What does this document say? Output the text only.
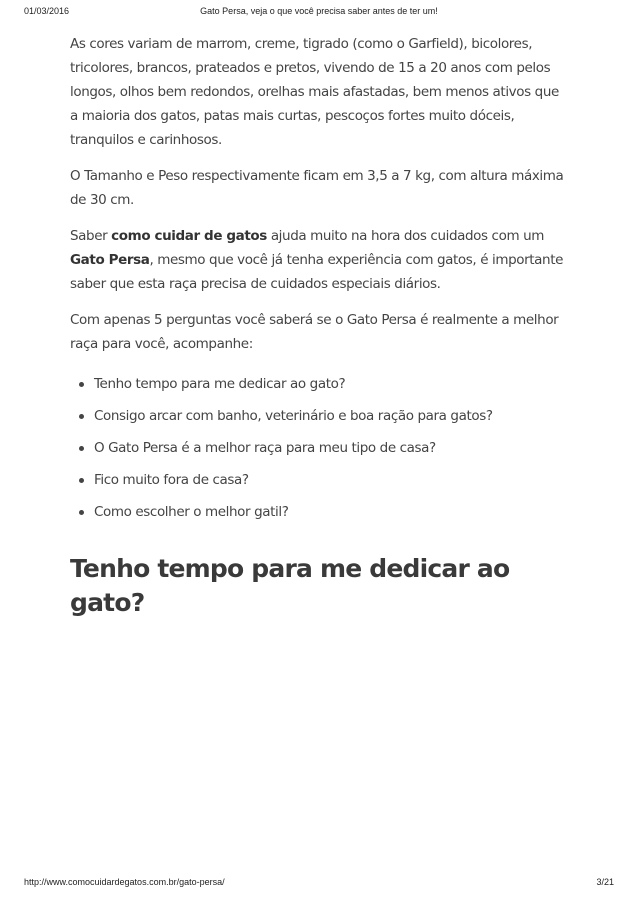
01/03/2016	Gato Persa, veja o que você precisa saber antes de ter um!

As cores variam de marrom, creme, tigrado (como o Garfield), bicolores, tricolores, brancos, prateados e pretos, vivendo de 15 a 20 anos com pelos longos, olhos bem redondos, orelhas mais afastadas, bem menos ativos que a maioria dos gatos, patas mais curtas, pescoços fortes muito dóceis, tranquilos e carinhosos.

O Tamanho e Peso respectivamente ficam em 3,5 a 7 kg, com altura máxima de 30 cm.

Saber como cuidar de gatos ajuda muito na hora dos cuidados com um Gato Persa, mesmo que você já tenha experiência com gatos, é importante saber que esta raça precisa de cuidados especiais diários.

Com apenas 5 perguntas você saberá se o Gato Persa é realmente a melhor raça para você, acompanhe:

Tenho tempo para me dedicar ao gato?
Consigo arcar com banho, veterinário e boa ração para gatos?
O Gato Persa é a melhor raça para meu tipo de casa?
Fico muito fora de casa?
Como escolher o melhor gatil?
Tenho tempo para me dedicar ao gato?
http://www.comocuidardegatos.com.br/gato-persa/	3/21
